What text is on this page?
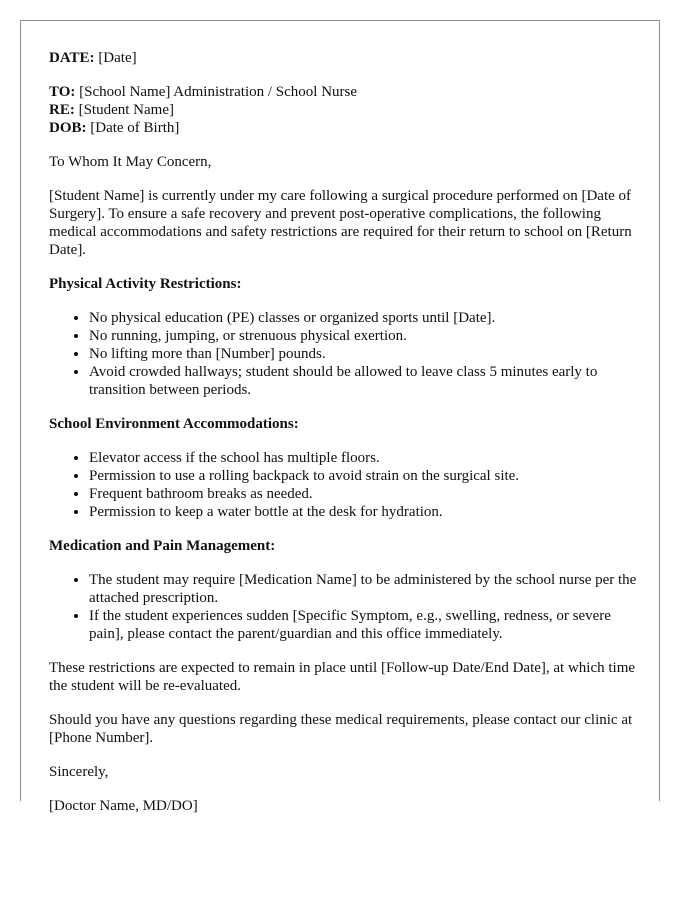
DATE: [Date]

TO: [School Name] Administration / School Nurse

RE: [Student Name]

DOB: [Date of Birth]

To Whom It May Concern,

[Student Name] is currently under my care following a surgical procedure performed on [Date of Surgery]. To ensure a safe recovery and prevent post-operative complications, the following medical accommodations and safety restrictions are required for their return to school on [Return Date].

Physical Activity Restrictions:

• No physical education (PE) classes or organized sports until [Date].
• No running, jumping, or strenuous physical exertion.
• No lifting more than [Number] pounds.
• Avoid crowded hallways; student should be allowed to leave class 5 minutes early to transition between periods.

School Environment Accommodations:

• Elevator access if the school has multiple floors.
• Permission to use a rolling backpack to avoid strain on the surgical site.
• Frequent bathroom breaks as needed.
• Permission to keep a water bottle at the desk for hydration.

Medication and Pain Management:

• The student may require [Medication Name] to be administered by the school nurse per the attached prescription.
• If the student experiences sudden [Specific Symptom, e.g., swelling, redness, or severe pain], please contact the parent/guardian and this office immediately.

These restrictions are expected to remain in place until [Follow-up Date/End Date], at which time the student will be re-evaluated.

Should you have any questions regarding these medical requirements, please contact our clinic at [Phone Number].

Sincerely,

[Doctor Name, MD/DO]
